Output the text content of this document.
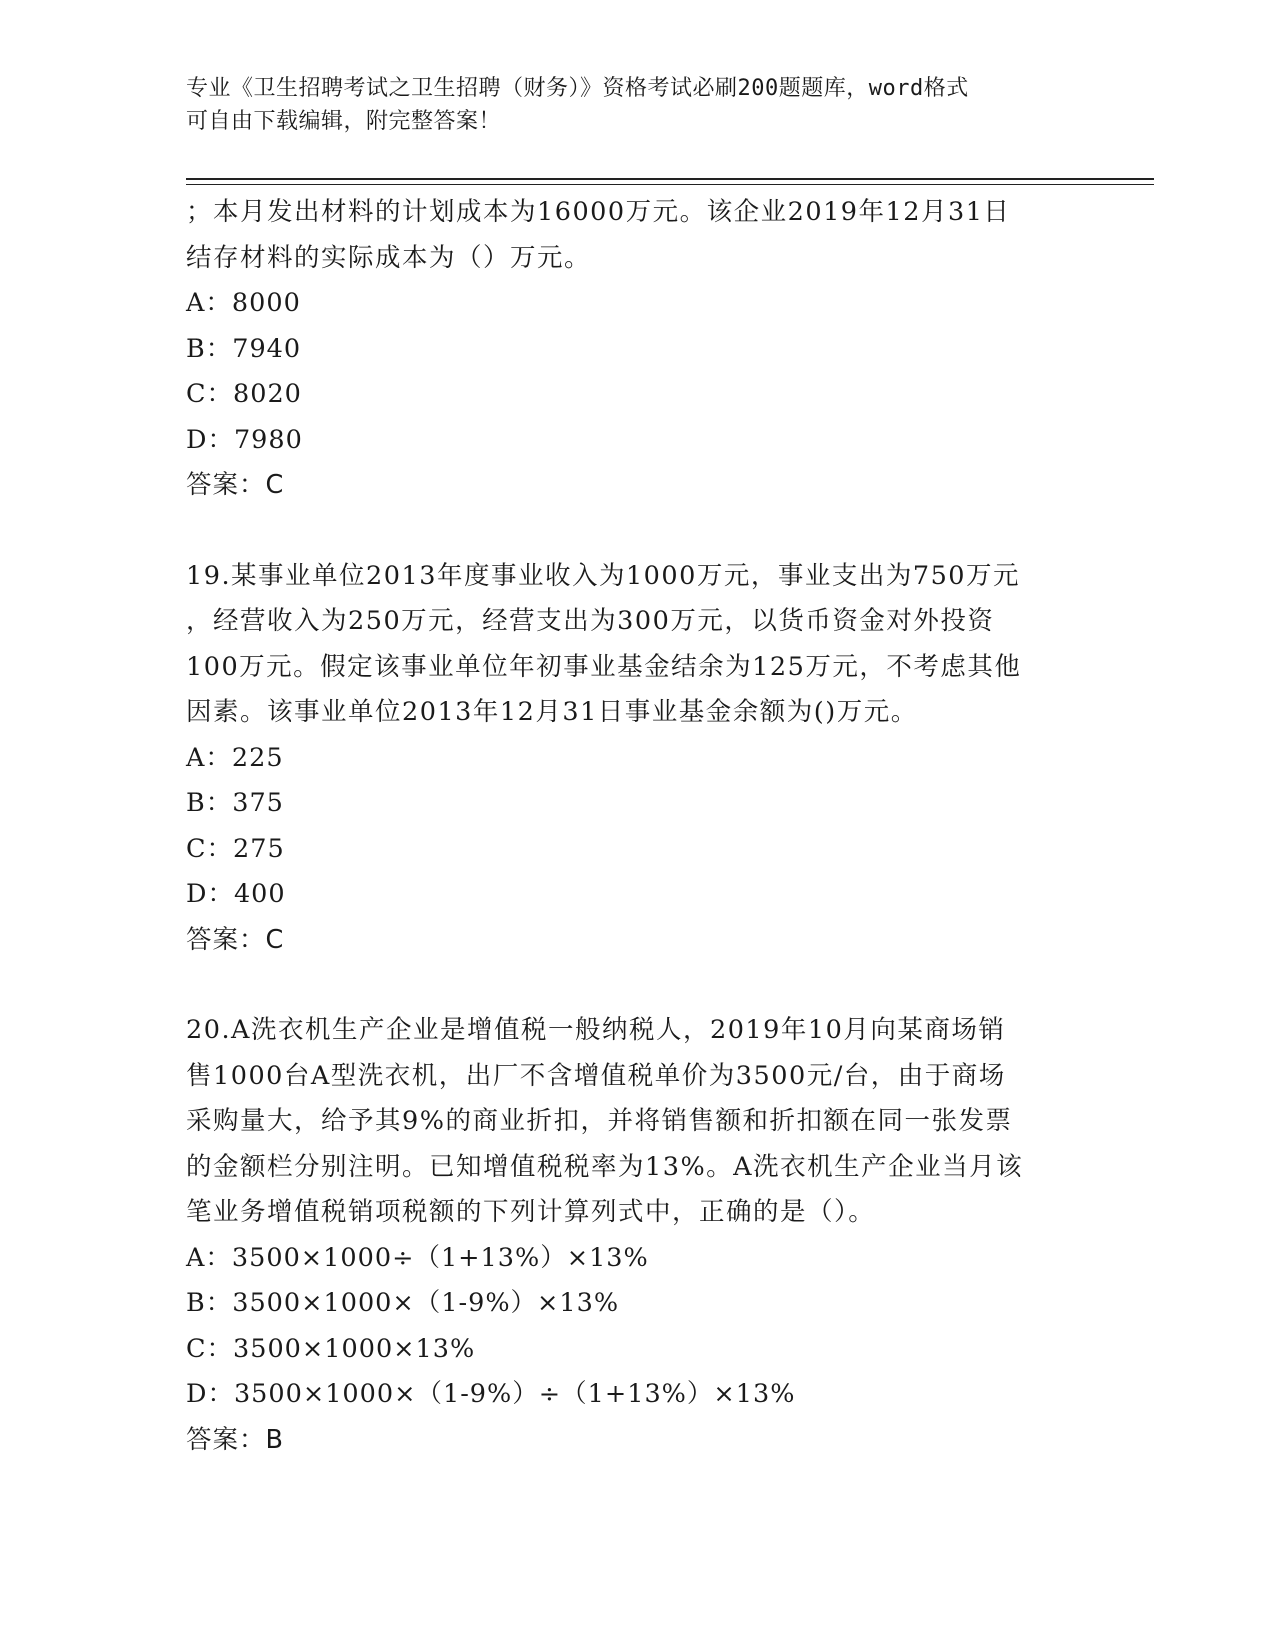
专业《卫生招聘考试之卫生招聘（财务）》资格考试必刷200题题库，word格式
可自由下载编辑，附完整答案！
；本月发出材料的计划成本为16000万元。该企业2019年12月31日
结存材料的实际成本为（）万元。
A：8000
B：7940
C：8020
D：7980
答案：C
19.某事业单位2013年度事业收入为1000万元，事业支出为750万元
，经营收入为250万元，经营支出为300万元，以货币资金对外投资
100万元。假定该事业单位年初事业基金结余为125万元，不考虑其他
因素。该事业单位2013年12月31日事业基金余额为()万元。
A：225
B：375
C：275
D：400
答案：C
20.A洗衣机生产企业是增值税一般纳税人，2019年10月向某商场销
售1000台A型洗衣机，出厂不含增值税单价为3500元/台，由于商场
采购量大，给予其9%的商业折扣，并将销售额和折扣额在同一张发票
的金额栏分别注明。已知增值税税率为13%。A洗衣机生产企业当月该
笔业务增值税销项税额的下列计算列式中，正确的是（）。
A：3500×1000÷（1+13%）×13%
B：3500×1000×（1-9%）×13%
C：3500×1000×13%
D：3500×1000×（1-9%）÷（1+13%）×13%
答案：B
